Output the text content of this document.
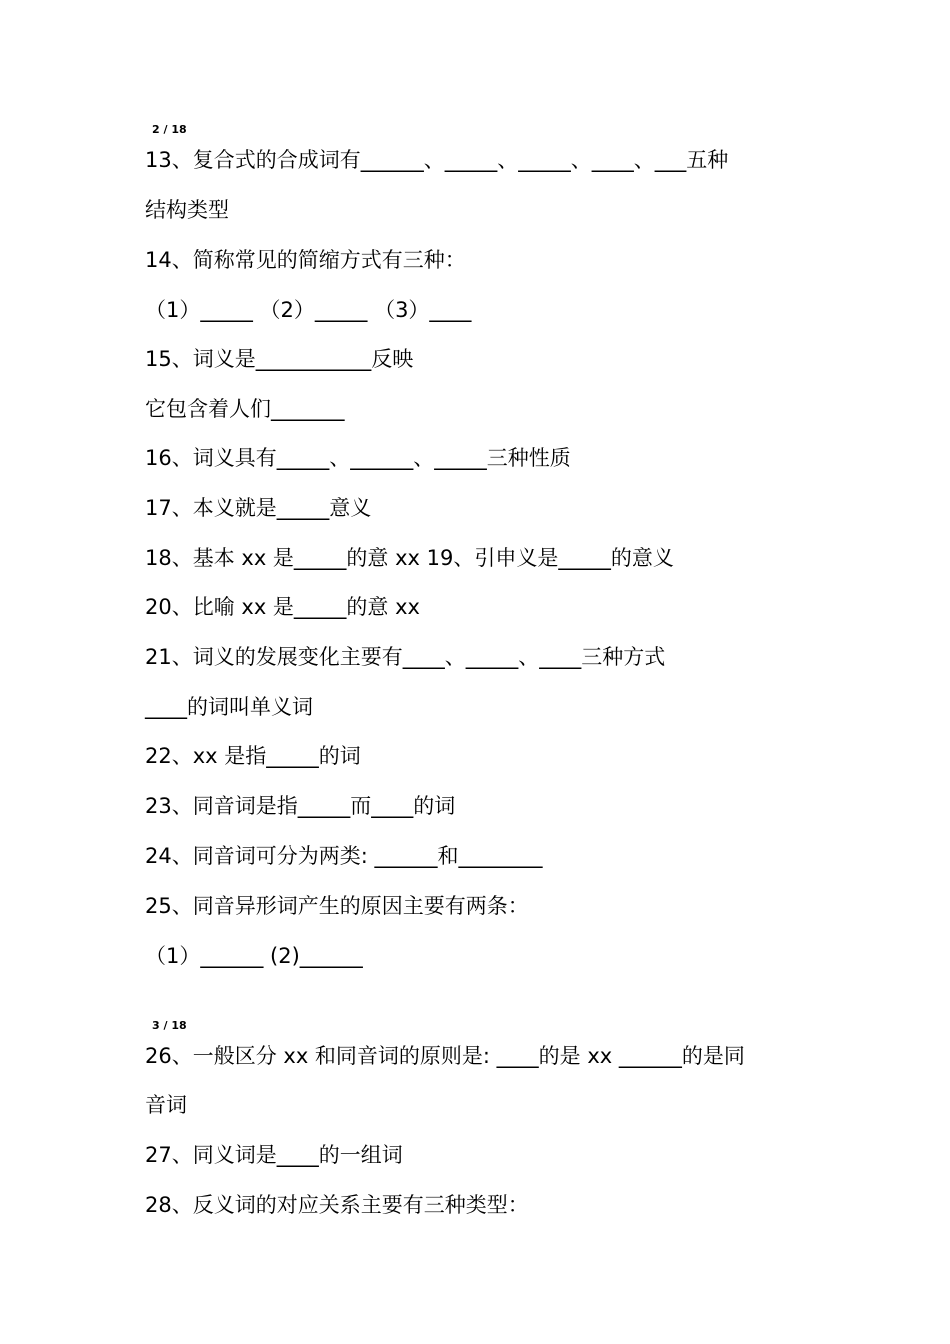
2 / 18
13、复合式的合成词有______、_____、_____、____、___五种
结构类型
14、简称常见的简缩方式有三种：
（1）_____ （2）_____ （3）____
15、词义是___________反映
它包含着人们_______
16、词义具有_____、______、_____三种性质
17、本义就是_____意义
18、基本 xx 是_____的意 xx 19、引申义是_____的意义
20、比喻 xx 是_____的意 xx
21、词义的发展变化主要有____、_____、____三种方式
____的词叫单义词
22、xx 是指_____的词
23、同音词是指_____而____的词
24、同音词可分为两类: ______和________
25、同音异形词产生的原因主要有两条：
（1）______ (2)______
3 / 18
26、一般区分 xx 和同音词的原则是: ____的是 xx ______的是同
音词
27、同义词是____的一组词
28、反义词的对应关系主要有三种类型：
